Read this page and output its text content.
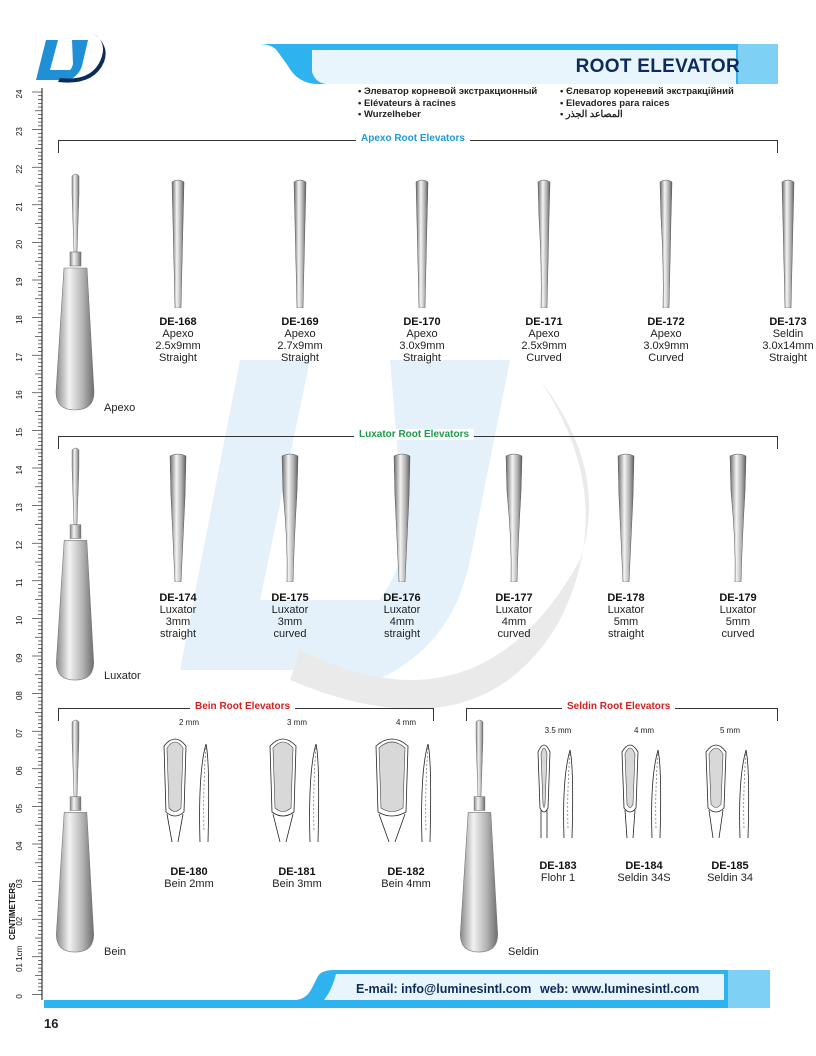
ROOT ELEVATOR
• Элеватор корневой экстракционный
• Elévateurs à racines
• Wurzelheber
• Єлеватор кореневий экстракційний
• Elevadores para raices
• المصاعد الجذر
24
23
22
21
20
19
18
17
16
15
14
13
12
11
10
09
08
07
06
05
04
03
02
01 1cm
0
CENTIMETERS
Apexo Root Elevators
Apexo
DE-168
Apexo
2.5x9mm
Straight
DE-169
Apexo
2.7x9mm
Straight
DE-170
Apexo
3.0x9mm
Straight
DE-171
Apexo
2.5x9mm
Curved
DE-172
Apexo
3.0x9mm
Curved
DE-173
Seldin
3.0x14mm
Straight
Luxator Root Elevators
Luxator
DE-174
Luxator
3mm
straight
DE-175
Luxator
3mm
curved
DE-176
Luxator
4mm
straight
DE-177
Luxator
4mm
curved
DE-178
Luxator
5mm
straight
DE-179
Luxator
5mm
curved
Bein Root Elevators
Bein
2 mm
DE-180
Bein 2mm
3 mm
DE-181
Bein 3mm
4 mm
DE-182
Bein 4mm
Seldin Root Elevators
Seldin
3.5 mm
DE-183
Flohr 1
4 mm
DE-184
Seldin 34S
5 mm
DE-185
Seldin 34
E-mail: info@luminesintl.com web: www.luminesintl.com
16
